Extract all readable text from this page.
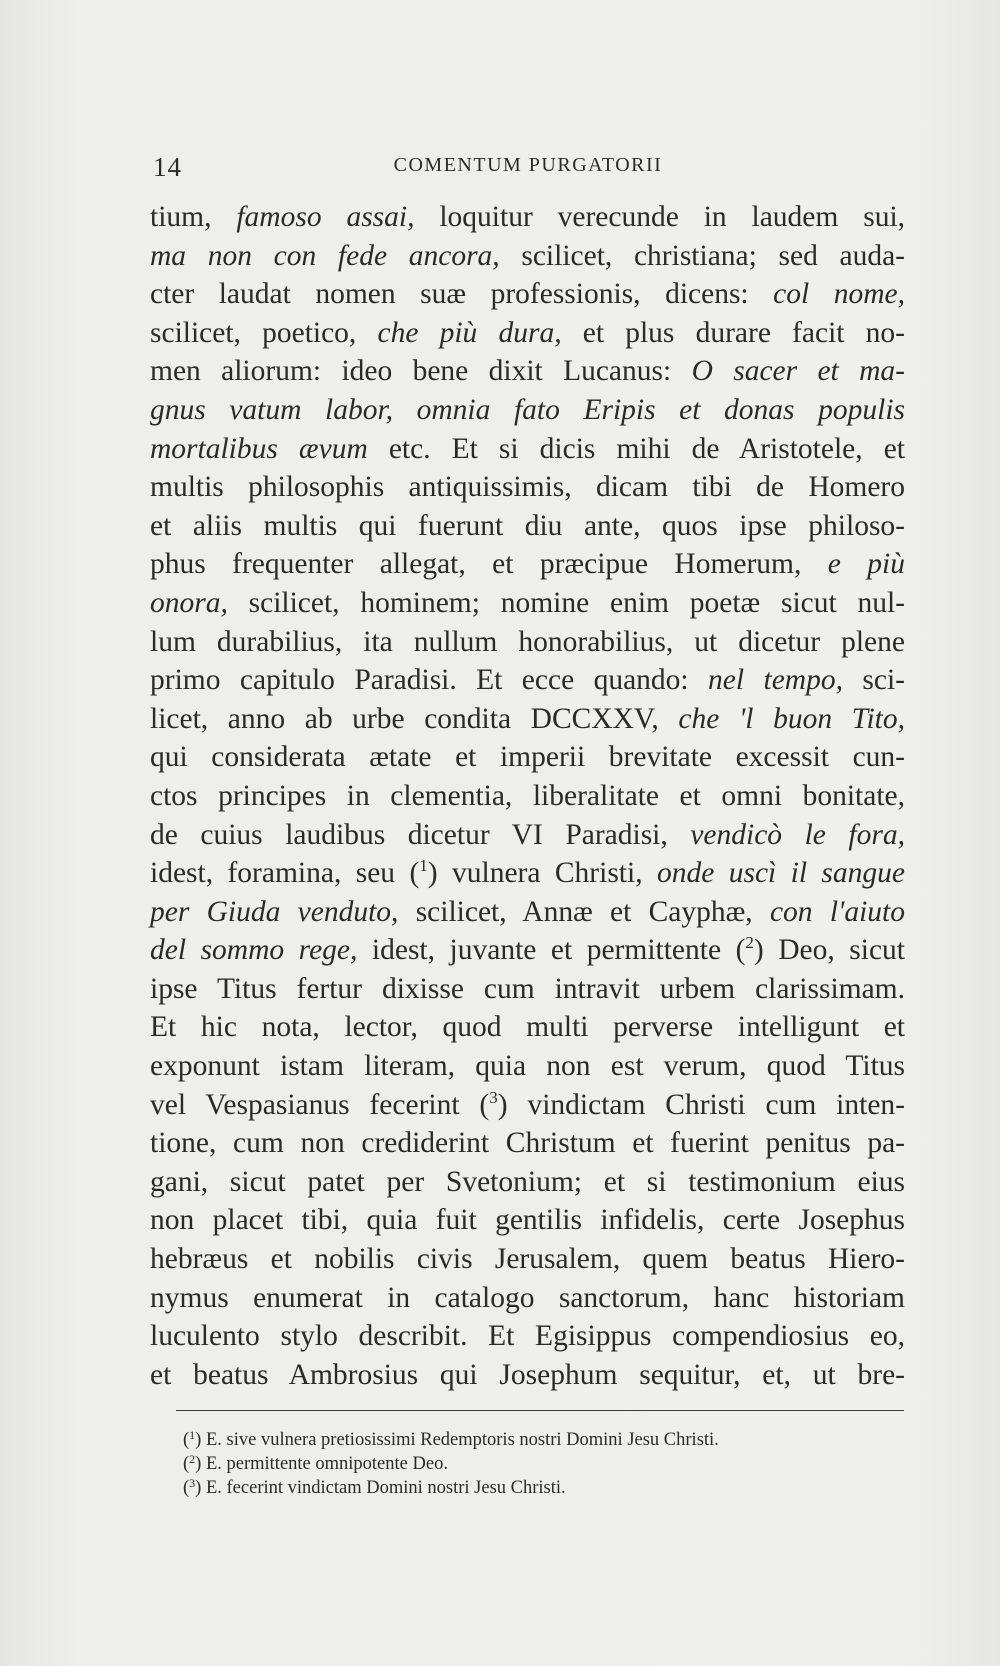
14	COMENTUM PURGATORII
tium, famoso assai, loquitur verecunde in laudem sui,
ma non con fede ancora, scilicet, christiana; sed auda-
cter laudat nomen suæ professionis, dicens: col nome,
scilicet, poetico, che più dura, et plus durare facit no-
men aliorum: ideo bene dixit Lucanus: O sacer et ma-
gnus vatum labor, omnia fato Eripis et donas populis
mortalibus ævum etc. Et si dicis mihi de Aristotele, et
multis philosophis antiquissimis, dicam tibi de Homero
et aliis multis qui fuerunt diu ante, quos ipse philoso-
phus frequenter allegat, et præcipue Homerum, e più
onora, scilicet, hominem; nomine enim poetæ sicut nul-
lum durabilius, ita nullum honorabilius, ut dicetur plene
primo capitulo Paradisi. Et ecce quando: nel tempo, sci-
licet, anno ab urbe condita DCCXXV, che 'l buon Tito,
qui considerata ætate et imperii brevitate excessit cun-
ctos principes in clementia, liberalitate et omni bonitate,
de cuius laudibus dicetur VI Paradisi, vendicò le fora,
idest, foramina, seu ($^1$) vulnera Christi, onde uscì il sangue
per Giuda venduto, scilicet, Annæ et Cayphæ, con l'aiuto
del sommo rege, idest, juvante et permittente ($^2$) Deo, sicut
ipse Titus fertur dixisse cum intravit urbem clarissimam.
Et hic nota, lector, quod multi perverse intelligunt et
exponunt istam literam, quia non est verum, quod Titus
vel Vespasianus fecerint ($^3$) vindictam Christi cum inten-
tione, cum non crediderint Christum et fuerint penitus pa-
gani, sicut patet per Svetonium; et si testimonium eius
non placet tibi, quia fuit gentilis infidelis, certe Josephus
hebræus et nobilis civis Jerusalem, quem beatus Hiero-
nymus enumerat in catalogo sanctorum, hanc historiam
luculento stylo describit. Et Egisippus compendiosius eo,
et beatus Ambrosius qui Josephum sequitur, et, ut bre-
($^1$) E. sive vulnera pretiosissimi Redemptoris nostri Domini Jesu Christi.
($^2$) E. permittente omnipotente Deo.
($^3$) E. fecerint vindictam Domini nostri Jesu Christi.
